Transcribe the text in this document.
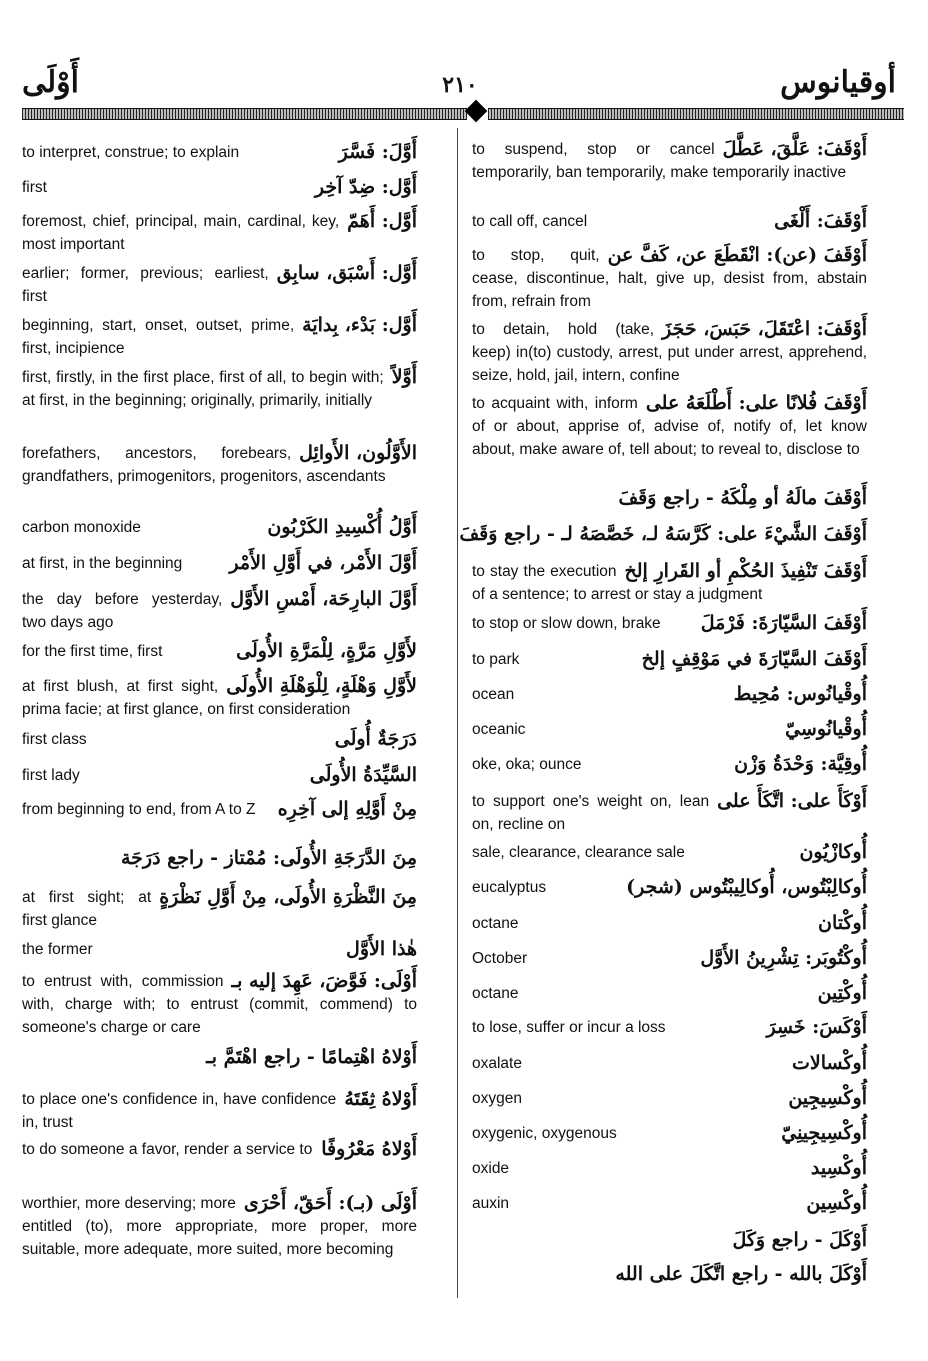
أوقيانوس
أَوْلَى	٢١٠
أَوَّلَ: فَسَّرَ
to interpret, construe; to explain
أَوَّل: ضِدّ آخِر
first
أَوَّل: أَهَمّ
foremost, chief, principal, main, cardinal, key, most important
أَوَّل: أَسْبَق، سابِق
earlier; former, previous; earliest, first
أَوَّل: بَدْء، بِدايَة
beginning, start, onset, outset, prime, first, incipience
أَوَّلاً
first, firstly, in the first place, first of all, to begin with; at first, in the beginning; originally, primarily, initially
الأَوَّلُون، الأَوائِل
forefathers, ancestors, forebears, grandfathers, primogenitors, progenitors, ascendants
أَوَّلُ أُكْسِيدِ الكَرْبُون
carbon monoxide
أَوَّلَ الأَمْر، في أَوَّلِ الأَمْر
at first, in the beginning
أَوَّلَ البارِحَة، أَمْسِ الأَوَّل
the day before yesterday, two days ago
لأَوَّلِ مَرَّةٍ، لِلْمَرَّةِ الأُولَى
for the first time, first
لأَوَّلِ وَهْلَةٍ، لِلْوَهْلَةِ الأُولَى
at first blush, at first sight, prima facie; at first glance, on first consideration
دَرَجَةٌ أُولَى
first class
السَّيِّدَةُ الأُولَى
first lady
مِنْ أَوَّلِهِ إلى آخِرِه
from beginning to end, from A to Z
مِنَ الدَّرَجَةِ الأُولَى: مُمْتاز - راجع دَرَجَة
مِنَ النَّظْرَةِ الأُولَى، مِنْ أَوَّلِ نَظْرَةٍ
at first sight; at first glance
هٰذا الأَوَّل
the former
أَوْلَى: فَوَّضَ، عَهِدَ إليه بـ
to entrust with, commission with, charge with; to entrust (commit, commend) to someone's charge or care
أَوْلاهُ اهْتِمامًا - راجع اهْتَمَّ بـ
أَوْلاهُ ثِقَتَهُ
to place one's confidence in, have confidence in, trust
أَوْلاهُ مَعْرُوفًا
to do someone a favor, render a service to
أَوْلَى (بـ): أَحَقّ، أَحْرَى
worthier, more deserving; more entitled (to), more appropriate, more proper, more suitable, more adequate, more suited, more becoming
أَوْقَفَ: عَلَّقَ، عَطَّلَ
to suspend, stop or cancel temporarily, ban temporarily, make temporarily inactive
أَوْقَفَ: أَلْغَى
to call off, cancel
أَوْقَفَ (عن): انْقَطَعَ عن، كَفَّ عن
to stop, quit, cease, discontinue, halt, give up, desist from, abstain from, refrain from
أَوْقَفَ: اعْتَقَلَ، حَبَسَ، حَجَزَ
to detain, hold (take, keep) in(to) custody, arrest, put under arrest, apprehend, seize, hold, jail, intern, confine
أَوْقَفَ فُلانًا على: أَطْلَعَهُ على
to acquaint with, inform of or about, apprise of, advise of, notify of, let know about, make aware of, tell about; to reveal to, disclose to
أَوْقَفَ مالَهُ أو مِلْكَهُ - راجع وَقَفَ
أَوْقَفَ الشَّيْءَ على: كَرَّسَهُ لـ، خَصَّصَهُ لـ - راجع وَقَفَ
أَوْقَفَ تَنْفِيذَ الحُكْمِ أو القَرارِ إلخ
to stay the execution of a sentence; to arrest or stay a judgment
أَوْقَفَ السَّيّارَةَ: فَرْمَلَ
to stop or slow down, brake
أَوْقَفَ السَّيّارَةَ في مَوْقِفٍ إلخ
to park
أُوقْيانُوس: مُحِيط
ocean
أُوقْيانُوسِيّ
oceanic
أُوقِيَّة: وَحْدَةُ وَزْن
oke, oka; ounce
أَوْكَأَ على: اتَّكَأَ على
to support one's weight on, lean on, recline on
أُوكازْيُون
sale, clearance, clearance sale
أُوكالِبْتُوس، أُوكالِيبْتُوس (شجر)
eucalyptus
أُوكْتان
octane
أُوكْتُوبَر: تِشْرِينُ الأَوَّل
October
أُوكْتِين
octane
أَوْكَسَ: خَسِرَ
to lose, suffer or incur a loss
أُوكْسالات
oxalate
أُوكْسِيجِين
oxygen
أُوكْسِيجِينِيّ
oxygenic, oxygenous
أُوكْسِيد
oxide
أُوكْسِين
auxin
أَوْكَلَ - راجع وَكَلَ
أَوْكَلَ بالله - راجع اتَّكَلَ على الله
